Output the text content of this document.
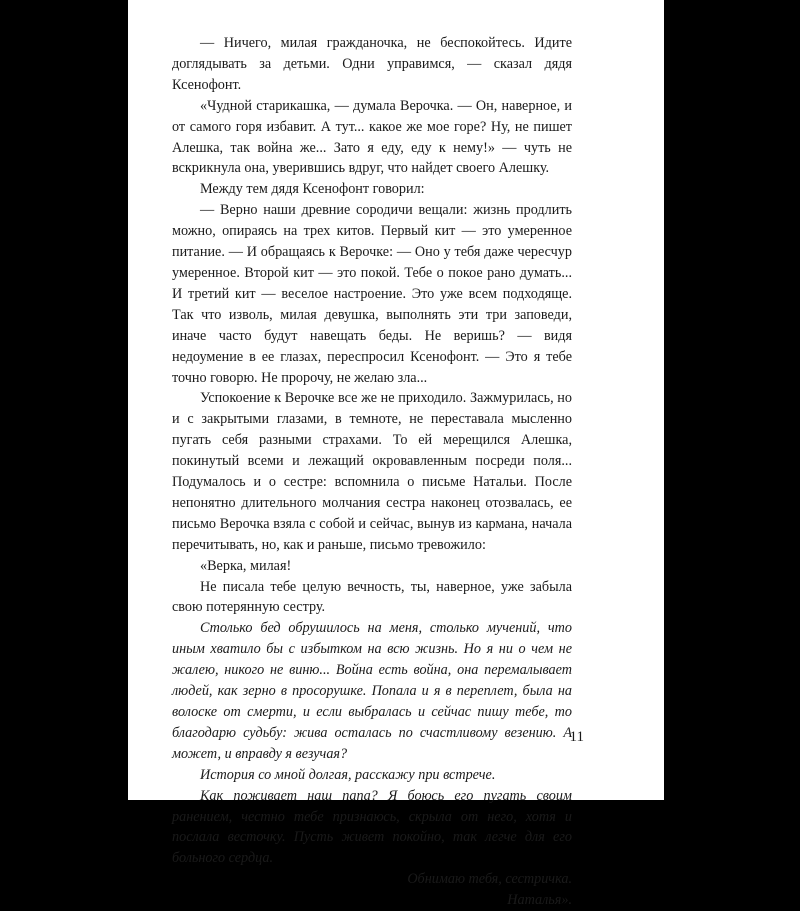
— Ничего, милая гражданочка, не беспокойтесь. Идите доглядывать за детьми. Одни управимся, — сказал дядя Ксенофонт.

«Чудной старикашка, — думала Верочка. — Он, наверное, и от самого горя избавит. А тут... какое же мое горе? Ну, не пишет Алешка, так война же... Зато я еду, еду к нему!» — чуть не вскрикнула она, уверившись вдруг, что найдет своего Алешку.

Между тем дядя Ксенофонт говорил:

— Верно наши древние сородичи вещали: жизнь продлить можно, опираясь на трех китов. Первый кит — это умеренное питание. — И обращаясь к Верочке: — Оно у тебя даже чересчур умеренное. Второй кит — это покой. Тебе о покое рано думать... И третий кит — веселое настроение. Это уже всем подходяще. Так что изволь, милая девушка, выполнять эти три заповеди, иначе часто будут навещать беды. Не веришь? — видя недоумение в ее глазах, переспросил Ксенофонт. — Это я тебе точно говорю. Не пророчу, не желаю зла...

Успокоение к Верочке все же не приходило. Зажмурилась, но и с закрытыми глазами, в темноте, не переставала мысленно пугать себя разными страхами. То ей мерещился Алешка, покинутый всеми и лежащий окровавленным посреди поля... Подумалось и о сестре: вспомнила о письме Натальи. После непонятно длительного молчания сестра наконец отозвалась, ее письмо Верочка взяла с собой и сейчас, вынув из кармана, начала перечитывать, но, как и раньше, письмо тревожило:

«Верка, милая!

Не писала тебе целую вечность, ты, наверное, уже забыла свою потерянную сестру.

Столько бед обрушилось на меня, столько мучений, что иным хватило бы с избытком на всю жизнь. Но я ни о чем не жалею, никого не виню... Война есть война, она перемалывает людей, как зерно в просорушке. Попала и я в переплет, была на волоске от смерти, и если выбралась и сейчас пишу тебе, то благодарю судьбу: жива осталась по счастливому везению. А может, и вправду я везучая?

История со мной долгая, расскажу при встрече.

Как поживает наш папа? Я боюсь его пугать своим ранением, честно тебе признаюсь, скрыла от него, хотя и послала весточку. Пусть живет покойно, так легче для его больного сердца.

Обнимаю тебя, сестричка.

Наталья».

11
